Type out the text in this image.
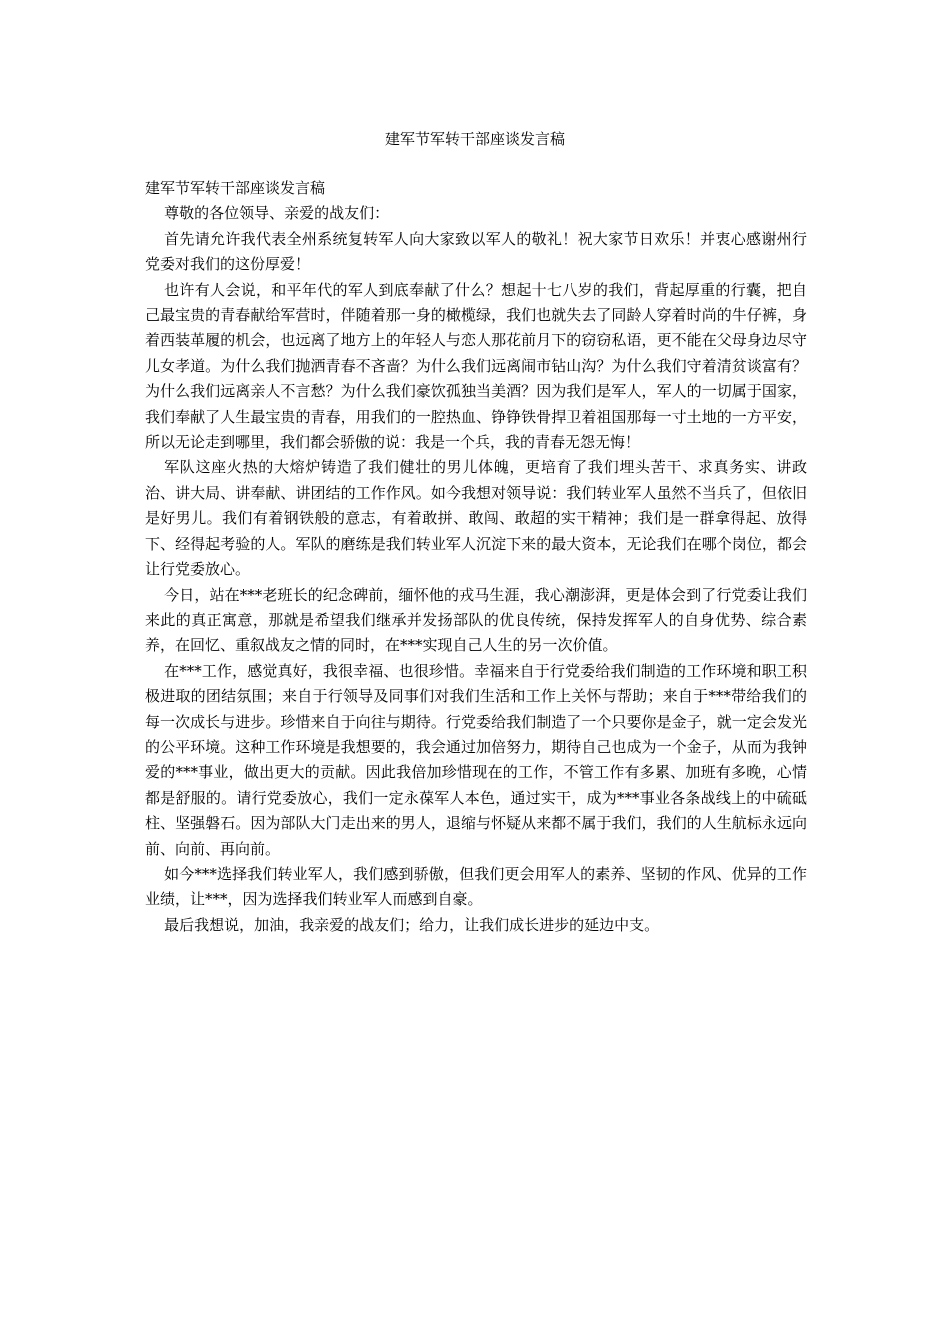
建军节军转干部座谈发言稿

建军节军转干部座谈发言稿

尊敬的各位领导、亲爱的战友们：

首先请允许我代表全州系统复转军人向大家致以军人的敬礼！祝大家节日欢乐！并衷心感谢州行党委对我们的这份厚爱！

也许有人会说，和平年代的军人到底奉献了什么？想起十七八岁的我们，背起厚重的行囊，把自己最宝贵的青春献给军营时，伴随着那一身的橄榄绿，我们也就失去了同龄人穿着时尚的牛仔裤，身着西装革履的机会，也远离了地方上的年轻人与恋人那花前月下的窃窃私语，更不能在父母身边尽守儿女孝道。为什么我们抛洒青春不吝啬？为什么我们远离闹市钻山沟？为什么我们守着清贫谈富有？为什么我们远离亲人不言愁？为什么我们豪饮孤独当美酒？因为我们是军人，军人的一切属于国家，我们奉献了人生最宝贵的青春，用我们的一腔热血、铮铮铁骨捍卫着祖国那每一寸土地的一方平安，所以无论走到哪里，我们都会骄傲的说：我是一个兵，我的青春无怨无悔！

军队这座火热的大熔炉铸造了我们健壮的男儿体魄，更培育了我们埋头苦干、求真务实、讲政治、讲大局、讲奉献、讲团结的工作作风。如今我想对领导说：我们转业军人虽然不当兵了，但依旧是好男儿。我们有着钢铁般的意志，有着敢拼、敢闯、敢超的实干精神；我们是一群拿得起、放得下、经得起考验的人。军队的磨练是我们转业军人沉淀下来的最大资本，无论我们在哪个岗位，都会让行党委放心。

今日，站在***老班长的纪念碑前，缅怀他的戎马生涯，我心潮澎湃，更是体会到了行党委让我们来此的真正寓意，那就是希望我们继承并发扬部队的优良传统，保持发挥军人的自身优势、综合素养，在回忆、重叙战友之情的同时，在***实现自己人生的另一次价值。

在***工作，感觉真好，我很幸福、也很珍惜。幸福来自于行党委给我们制造的工作环境和职工积极进取的团结氛围；来自于行领导及同事们对我们生活和工作上关怀与帮助；来自于***带给我们的每一次成长与进步。珍惜来自于向往与期待。行党委给我们制造了一个只要你是金子，就一定会发光的公平环境。这种工作环境是我想要的，我会通过加倍努力，期待自己也成为一个金子，从而为我钟爱的***事业，做出更大的贡献。因此我倍加珍惜现在的工作，不管工作有多累、加班有多晚，心情都是舒服的。请行党委放心，我们一定永葆军人本色，通过实干，成为***事业各条战线上的中硫砥柱、坚强磐石。因为部队大门走出来的男人，退缩与怀疑从来都不属于我们，我们的人生航标永远向前、向前、再向前。

如今***选择我们转业军人，我们感到骄傲，但我们更会用军人的素养、坚韧的作风、优异的工作业绩，让***，因为选择我们转业军人而感到自豪。

最后我想说，加油，我亲爱的战友们；给力，让我们成长进步的延边中支。
